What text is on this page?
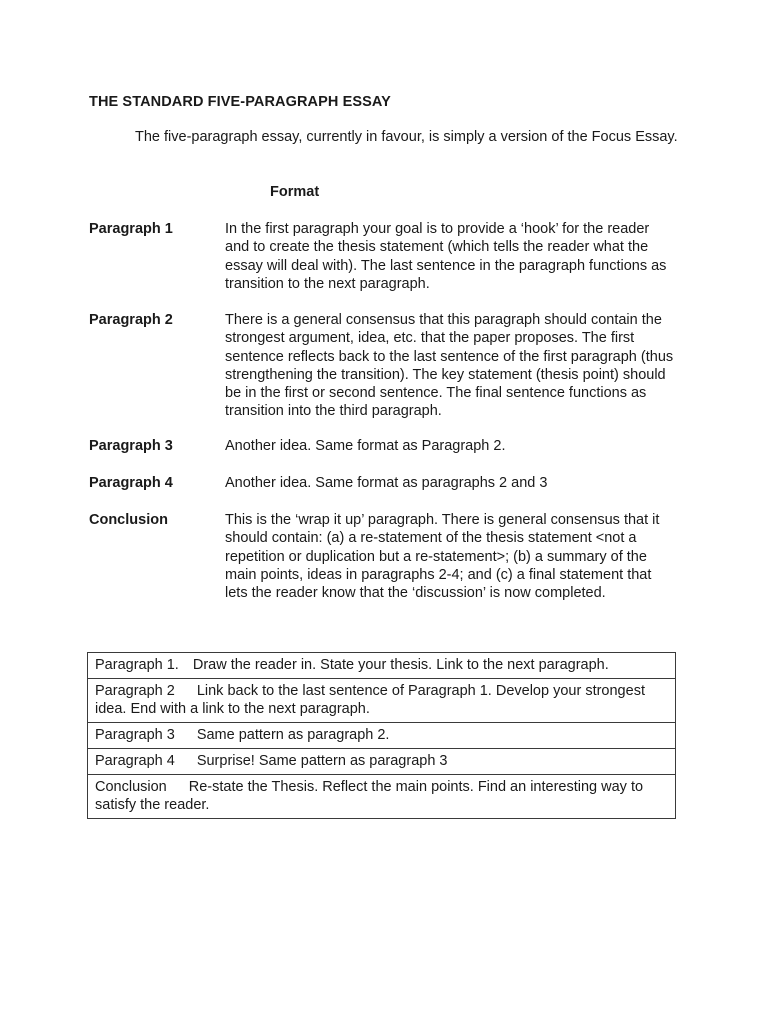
THE STANDARD FIVE-PARAGRAPH ESSAY

The five-paragraph essay, currently in favour, is simply a version of the Focus Essay.

Format
Paragraph 1	In the first paragraph your goal is to provide a ‘hook’ for the reader and to create the thesis statement (which tells the reader what the essay will deal with). The last sentence in the paragraph functions as transition to the next paragraph.

Paragraph 2	There is a general consensus that this paragraph should contain the strongest argument, idea, etc. that the paper proposes. The first sentence reflects back to the last sentence of the first paragraph (thus strengthening the transition). The key statement (thesis point) should be in the first or second sentence. The final sentence functions as transition into the third paragraph.

Paragraph 3	Another idea. Same format as Paragraph 2.

Paragraph 4	Another idea. Same format as paragraphs 2 and 3

Conclusion	This is the ‘wrap it up’ paragraph. There is general consensus that it should contain: (a) a re-statement of the thesis statement <not a repetition or duplication but a re-statement>; (b) a summary of the main points, ideas in paragraphs 2-4; and (c) a final statement that lets the reader know that the ‘discussion’ is now completed.

Paragraph 1. Draw the reader in. State your thesis. Link to the next paragraph.
Paragraph 2 Link back to the last sentence of Paragraph 1. Develop your strongest idea. End with a link to the next paragraph.
Paragraph 3 Same pattern as paragraph 2.
Paragraph 4 Surprise! Same pattern as paragraph 3
Conclusion Re-state the Thesis. Reflect the main points. Find an interesting way to satisfy the reader.
